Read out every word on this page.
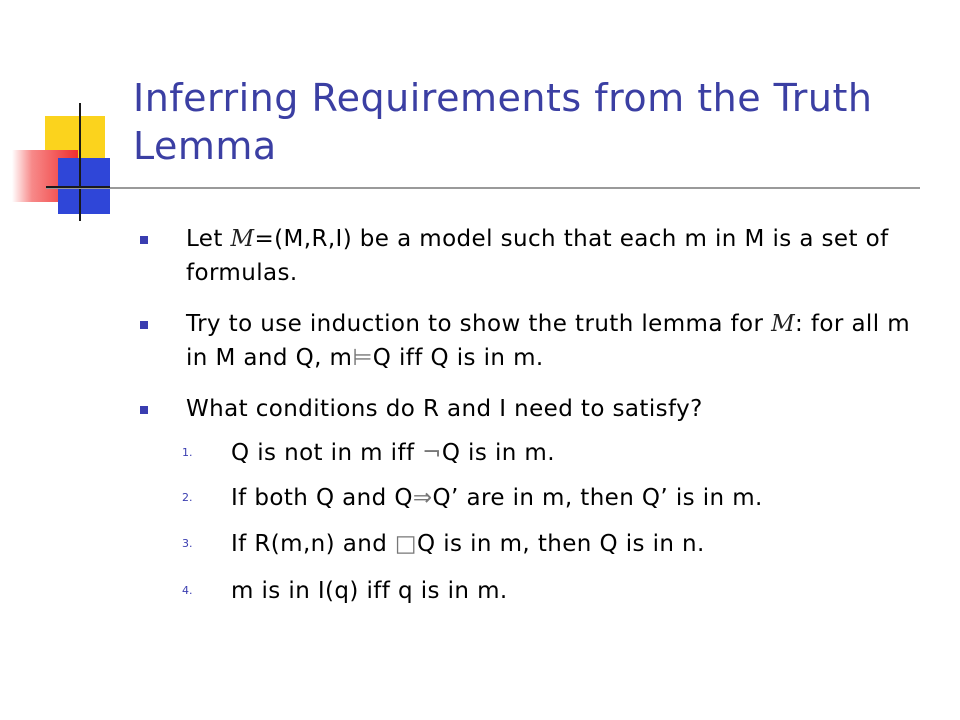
Inferring Requirements from the Truth Lemma
Let M=(M,R,I) be a model such that each m in M is a set of formulas.
Try to use induction to show the truth lemma for M: for all m in M and Q, m⊨Q iff Q is in m.
What conditions do R and I need to satisfy?
1. Q is not in m iff ¬Q is in m.
2. If both Q and Q⇒Q’ are in m, then Q’ is in m.
3. If R(m,n) and □Q is in m, then Q is in n.
4. m is in I(q) iff q is in m.
